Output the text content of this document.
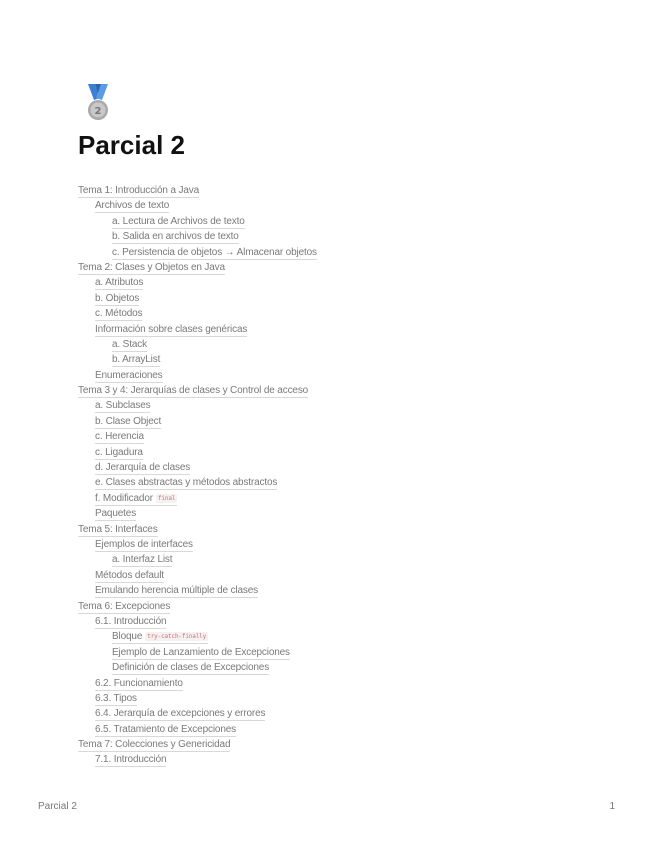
2
Parcial 2
Tema 1: Introducción a Java
Archivos de texto
a. Lectura de Archivos de texto
b. Salida en archivos de texto
c. Persistencia de objetos → Almacenar objetos
Tema 2: Clases y Objetos en Java
a. Atributos
b. Objetos
c. Métodos
Información sobre clases genéricas
a. Stack
b. ArrayList
Enumeraciones
Tema 3 y 4: Jerarquías de clases y Control de acceso
a. Subclases
b. Clase Object
c. Herencia
c. Ligadura
d. Jerarquía de clases
e. Clases abstractas y métodos abstractos
f. Modificador final
Paquetes
Tema 5: Interfaces
Ejemplos de interfaces
a. Interfaz List
Métodos default
Emulando herencia múltiple de clases
Tema 6: Excepciones
6.1. Introducción
Bloque try-catch-finally
Ejemplo de Lanzamiento de Excepciones
Definición de clases de Excepciones
6.2. Funcionamiento
6.3. Tipos
6.4. Jerarquía de excepciones y errores
6.5. Tratamiento de Excepciones
Tema 7: Colecciones y Genericidad
7.1. Introducción
Parcial 2	1
